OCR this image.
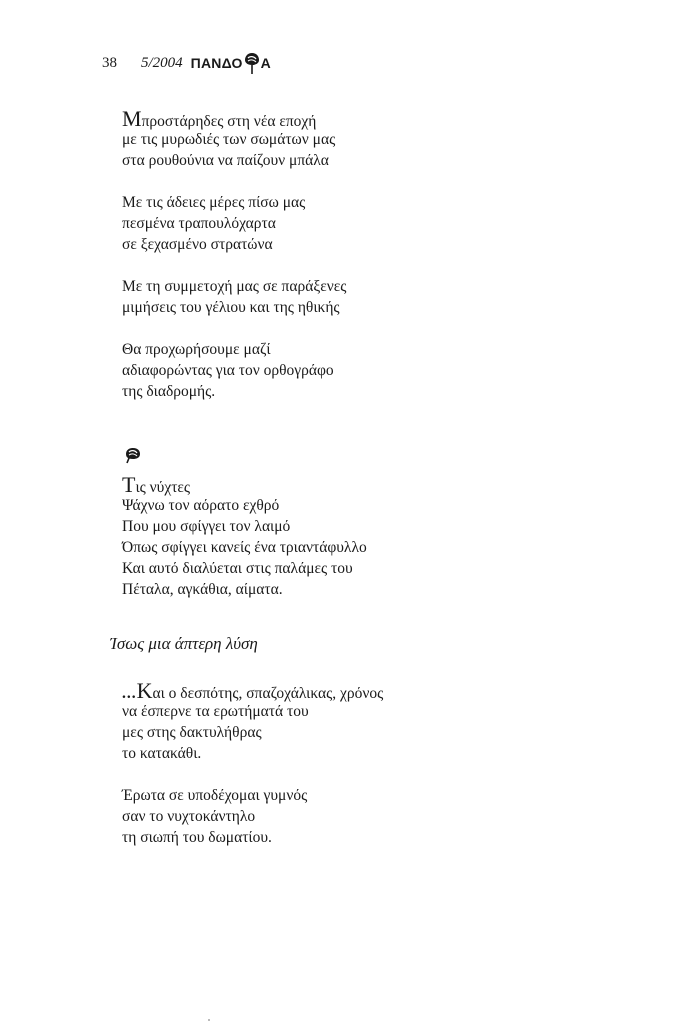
38 5/2004 ΠΑΝΔΟ Α
Μπροστάρηδες στη νέα εποχή
με τις μυρωδιές των σωμάτων μας
στα ρουθούνια να παίζουν μπάλα
Με τις άδειες μέρες πίσω μας
πεσμένα τραπουλόχαρτα
σε ξεχασμένο στρατώνα
Με τη συμμετοχή μας σε παράξενες
μιμήσεις του γέλιου και της ηθικής
Θα προχωρήσουμε μαζί
αδιαφορώντας για τον ορθογράφο
της διαδρομής.
Τις νύχτες
Ψάχνω τον αόρατο εχθρό
Που μου σφίγγει τον λαιμό
Όπως σφίγγει κανείς ένα τριαντάφυλλο
Και αυτό διαλύεται στις παλάμες του
Πέταλα, αγκάθια, αίματα.
Ίσως μια άπτερη λύση
...Και ο δεσπότης, σπαζοχάλικας, χρόνος
να έσπερνε τα ερωτήματά του
μες στης δακτυλήθρας
το κατακάθι.
Έρωτα σε υποδέχομαι γυμνός
σαν το νυχτοκάντηλο
τη σιωπή του δωματίου.
